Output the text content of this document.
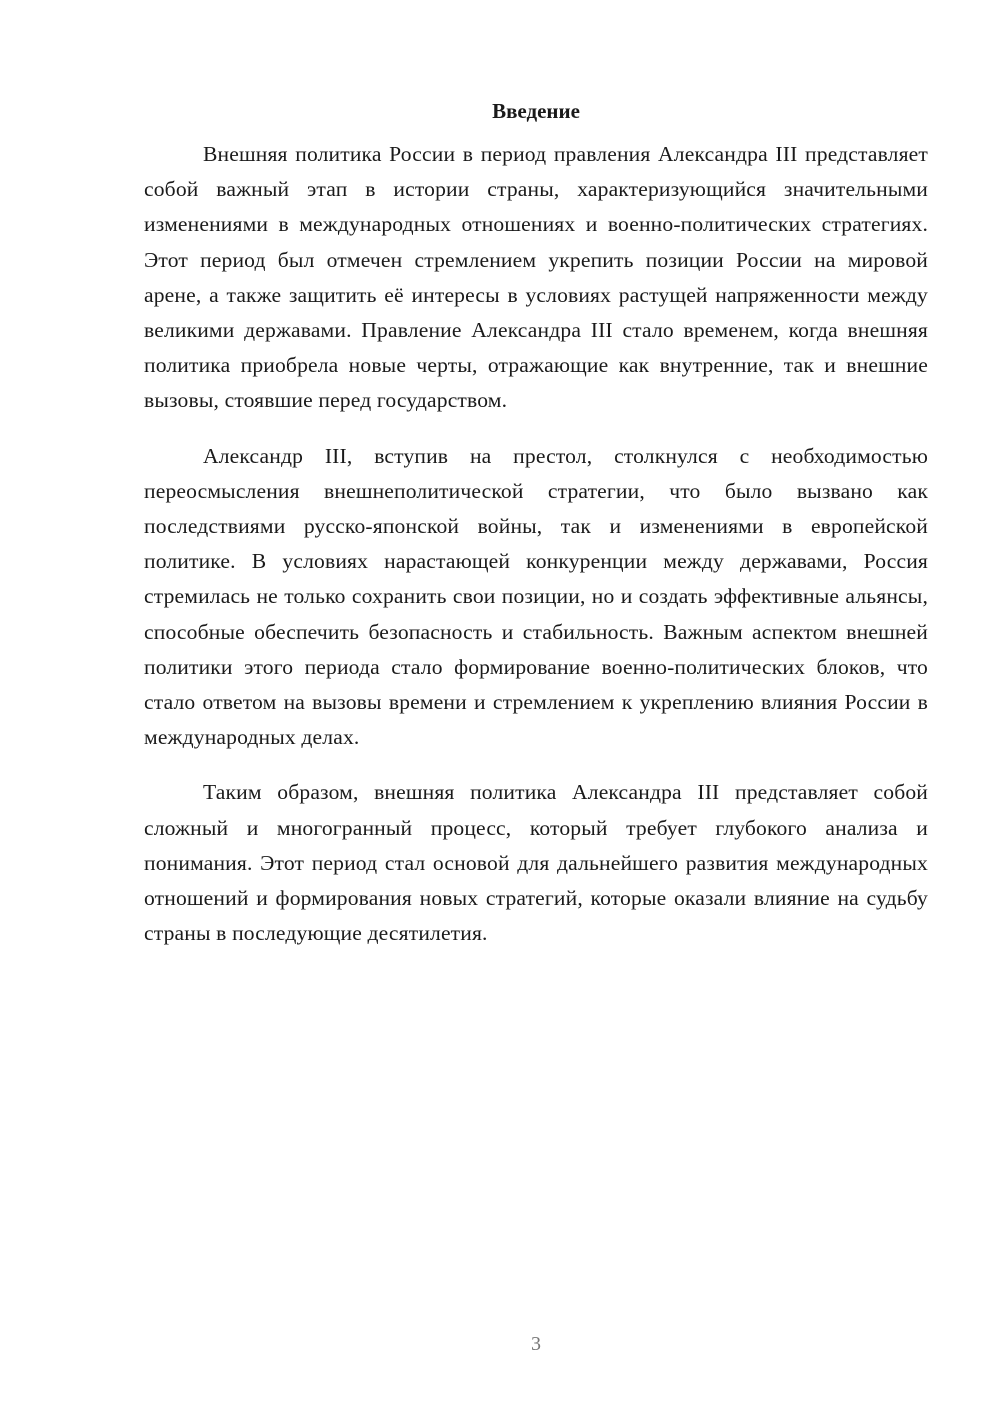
Введение

Внешняя политика России в период правления Александра III представляет собой важный этап в истории страны, характеризующийся значительными изменениями в международных отношениях и военно-политических стратегиях. Этот период был отмечен стремлением укрепить позиции России на мировой арене, а также защитить её интересы в условиях растущей напряженности между великими державами. Правление Александра III стало временем, когда внешняя политика приобрела новые черты, отражающие как внутренние, так и внешние вызовы, стоявшие перед государством.

Александр III, вступив на престол, столкнулся с необходимостью переосмысления внешнеполитической стратегии, что было вызвано как последствиями русско-японской войны, так и изменениями в европейской политике. В условиях нарастающей конкуренции между державами, Россия стремилась не только сохранить свои позиции, но и создать эффективные альянсы, способные обеспечить безопасность и стабильность. Важным аспектом внешней политики этого периода стало формирование военно-политических блоков, что стало ответом на вызовы времени и стремлением к укреплению влияния России в международных делах.

Таким образом, внешняя политика Александра III представляет собой сложный и многогранный процесс, который требует глубокого анализа и понимания. Этот период стал основой для дальнейшего развития международных отношений и формирования новых стратегий, которые оказали влияние на судьбу страны в последующие десятилетия.

3
